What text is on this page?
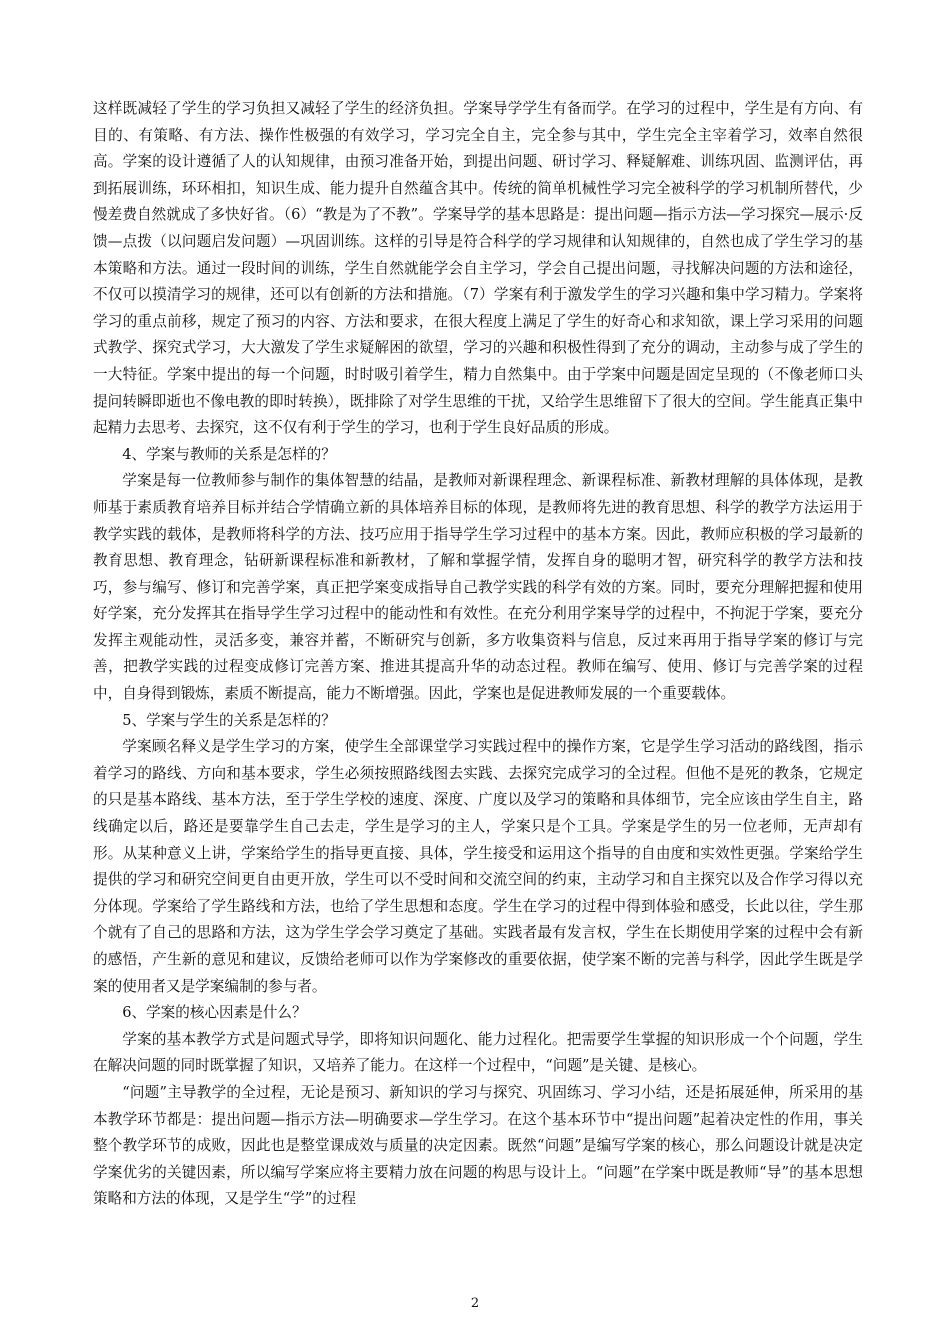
这样既减轻了学生的学习负担又减轻了学生的经济负担。学案导学学生有备而学。在学习的过程中，学生是有方向、有目的、有策略、有方法、操作性极强的有效学习，学习完全自主，完全参与其中，学生完全主宰着学习，效率自然很高。学案的设计遵循了人的认知规律，由预习准备开始，到提出问题、研讨学习、释疑解难、训练巩固、监测评估，再到拓展训练，环环相扣，知识生成、能力提升自然蕴含其中。传统的简单机械性学习完全被科学的学习机制所替代，少慢差费自然就成了多快好省。（6）“教是为了不教”。学案导学的基本思路是：提出问题—指示方法—学习探究—展示·反馈—点拨（以问题启发问题）—巩固训练。这样的引导是符合科学的学习规律和认知规律的，自然也成了学生学习的基本策略和方法。通过一段时间的训练，学生自然就能学会自主学习，学会自己提出问题，寻找解决问题的方法和途径，不仅可以摸清学习的规律，还可以有创新的方法和措施。（7）学案有利于激发学生的学习兴趣和集中学习精力。学案将学习的重点前移，规定了预习的内容、方法和要求，在很大程度上满足了学生的好奇心和求知欲，课上学习采用的问题式教学、探究式学习，大大激发了学生求疑解困的欲望，学习的兴趣和积极性得到了充分的调动，主动参与成了学生的一大特征。学案中提出的每一个问题，时时吸引着学生，精力自然集中。由于学案中问题是固定呈现的（不像老师口头提问转瞬即逝也不像电教的即时转换），既排除了对学生思维的干扰，又给学生思维留下了很大的空间。学生能真正集中起精力去思考、去探究，这不仅有利于学生的学习，也利于学生良好品质的形成。

4、学案与教师的关系是怎样的？

学案是每一位教师参与制作的集体智慧的结晶，是教师对新课程理念、新课程标准、新教材理解的具体体现，是教师基于素质教育培养目标并结合学情确立新的具体培养目标的体现，是教师将先进的教育思想、科学的教学方法运用于教学实践的载体，是教师将科学的方法、技巧应用于指导学生学习过程中的基本方案。因此，教师应积极的学习最新的教育思想、教育理念，钻研新课程标准和新教材，了解和掌握学情，发挥自身的聪明才智，研究科学的教学方法和技巧，参与编写、修订和完善学案，真正把学案变成指导自己教学实践的科学有效的方案。同时，要充分理解把握和使用好学案，充分发挥其在指导学生学习过程中的能动性和有效性。在充分利用学案导学的过程中，不拘泥于学案，要充分发挥主观能动性，灵活多变，兼容并蓄，不断研究与创新，多方收集资料与信息，反过来再用于指导学案的修订与完善，把教学实践的过程变成修订完善方案、推进其提高升华的动态过程。教师在编写、使用、修订与完善学案的过程中，自身得到锻炼，素质不断提高，能力不断增强。因此，学案也是促进教师发展的一个重要载体。

5、学案与学生的关系是怎样的？

学案顾名释义是学生学习的方案，使学生全部课堂学习实践过程中的操作方案，它是学生学习活动的路线图，指示着学习的路线、方向和基本要求，学生必须按照路线图去实践、去探究完成学习的全过程。但他不是死的教条，它规定的只是基本路线、基本方法，至于学生学校的速度、深度、广度以及学习的策略和具体细节，完全应该由学生自主，路线确定以后，路还是要靠学生自己去走，学生是学习的主人，学案只是个工具。学案是学生的另一位老师，无声却有形。从某种意义上讲，学案给学生的指导更直接、具体，学生接受和运用这个指导的自由度和实效性更强。学案给学生提供的学习和研究空间更自由更开放，学生可以不受时间和交流空间的约束，主动学习和自主探究以及合作学习得以充分体现。学案给了学生路线和方法，也给了学生思想和态度。学生在学习的过程中得到体验和感受，长此以往，学生那个就有了自己的思路和方法，这为学生学会学习奠定了基础。实践者最有发言权，学生在长期使用学案的过程中会有新的感悟，产生新的意见和建议，反馈给老师可以作为学案修改的重要依据，使学案不断的完善与科学，因此学生既是学案的使用者又是学案编制的参与者。

6、学案的核心因素是什么？

学案的基本教学方式是问题式导学，即将知识问题化、能力过程化。把需要学生掌握的知识形成一个个问题，学生在解决问题的同时既掌握了知识，又培养了能力。在这样一个过程中，“问题”是关键、是核心。

“问题”主导教学的全过程，无论是预习、新知识的学习与探究、巩固练习、学习小结，还是拓展延伸，所采用的基本教学环节都是：提出问题—指示方法—明确要求—学生学习。在这个基本环节中“提出问题”起着决定性的作用，事关整个教学环节的成败，因此也是整堂课成效与质量的决定因素。既然“问题”是编写学案的核心，那么问题设计就是决定学案优劣的关键因素，所以编写学案应将主要精力放在问题的构思与设计上。“问题”在学案中既是教师“导”的基本思想策略和方法的体现，又是学生“学”的过程

2
